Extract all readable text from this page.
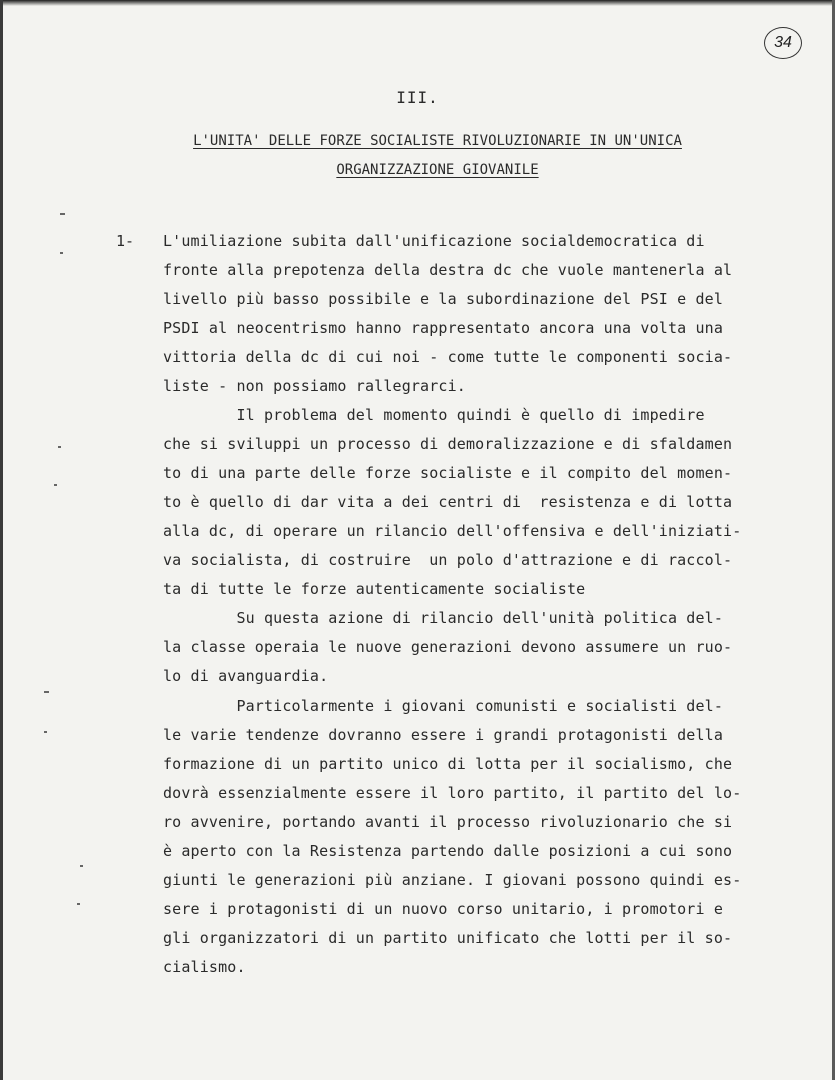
34
III.
L'UNITA' DELLE FORZE SOCIALISTE RIVOLUZIONARIE IN UN'UNICA
ORGANIZZAZIONE GIOVANILE
1- L'umiliazione subita dall'unificazione socialdemocratica di
fronte alla prepotenza della destra dc che vuole mantenerla al
livello più basso possibile e la subordinazione del PSI e del
PSDI al neocentrismo hanno rappresentato ancora una volta una
vittoria della dc di cui noi - come tutte le componenti socia-
liste - non possiamo rallegrarci.
Il problema del momento quindi è quello di impedire
che si sviluppi un processo di demoralizzazione e di sfaldamen
to di una parte delle forze socialiste e il compito del momen-
to è quello di dar vita a dei centri di  resistenza e di lotta
alla dc, di operare un rilancio dell'offensiva e dell'iniziati-
va socialista, di costruire  un polo d'attrazione e di raccol-
ta di tutte le forze autenticamente socialiste
Su questa azione di rilancio dell'unità politica del-
la classe operaia le nuove generazioni devono assumere un ruo-
lo di avanguardia.
Particolarmente i giovani comunisti e socialisti del-
le varie tendenze dovranno essere i grandi protagonisti della
formazione di un partito unico di lotta per il socialismo, che
dovrà essenzialmente essere il loro partito, il partito del lo-
ro avvenire, portando avanti il processo rivoluzionario che si
è aperto con la Resistenza partendo dalle posizioni a cui sono
giunti le generazioni più anziane. I giovani possono quindi es-
sere i protagonisti di un nuovo corso unitario, i promotori e
gli organizzatori di un partito unificato che lotti per il so-
cialismo.
